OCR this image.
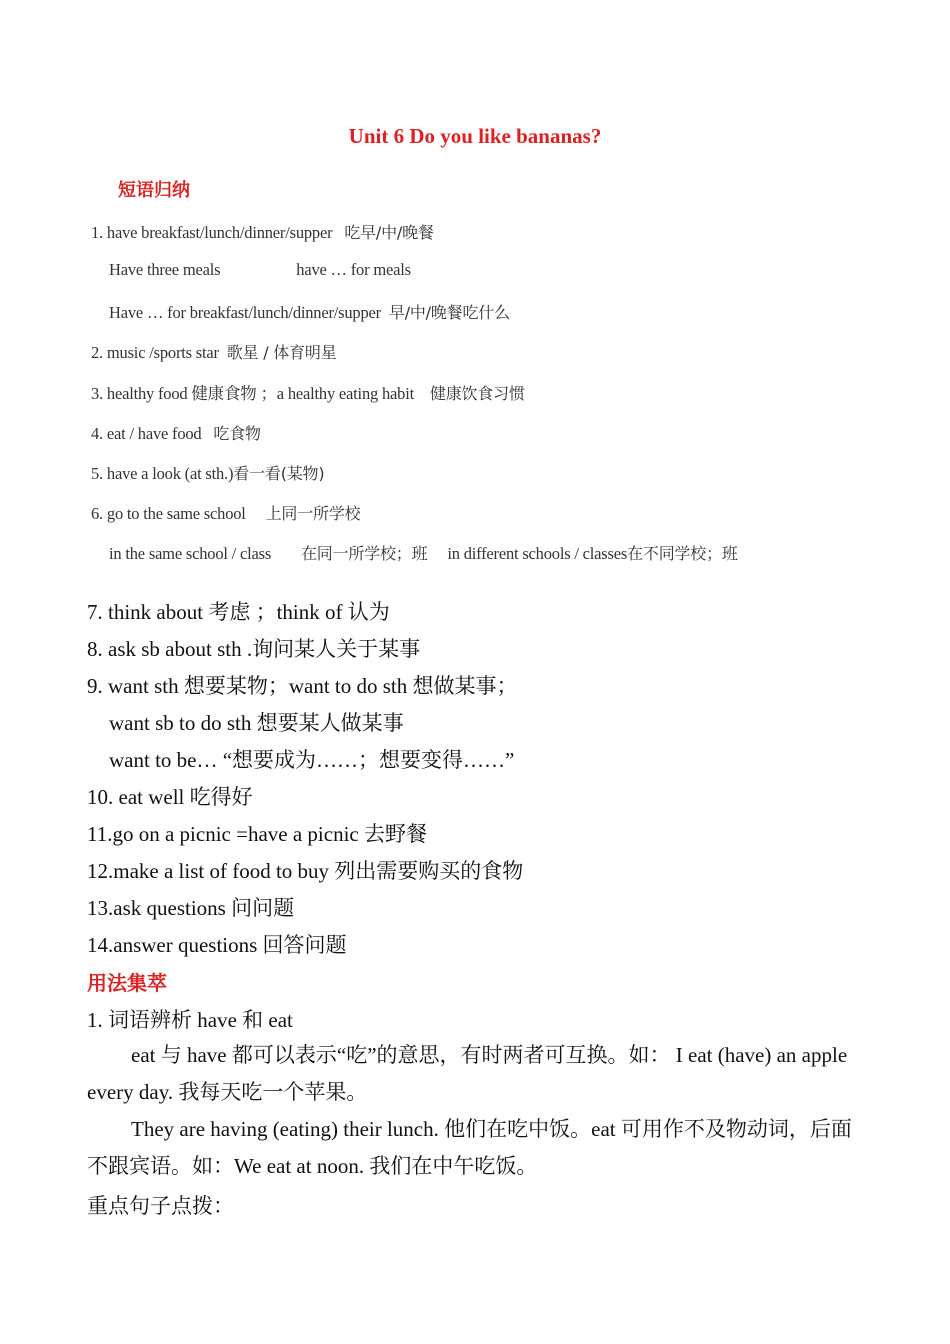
Unit 6 Do you like bananas?
短语归纳
1. have breakfast/lunch/dinner/supper 吃早/中/晚餐
Have three meals	have … for meals
Have … for breakfast/lunch/dinner/supper 早/中/晚餐吃什么
2. music /sports star 歌星 / 体育明星
3. healthy food 健康食物 ；a healthy eating habit 健康饮食习惯
4. eat / have food 吃食物
5. have a look (at sth.)看一看(某物)
6. go to the same school 上同一所学校
in the same school / class 在同一所学校；班 in different schools / classes在不同学校；班
7. think about 考虑 ；think of 认为
8. ask sb about sth .询问某人关于某事
9. want sth 想要某物；want to do sth 想做某事；
want sb to do sth 想要某人做某事
want to be… “想要成为……；想要变得……”
10. eat well 吃得好
11.go on a picnic =have a picnic 去野餐
12.make a list of food to buy 列出需要购买的食物
13.ask questions 问问题
14.answer questions 回答问题
用法集萃
1. 词语辨析 have 和 eat
eat 与 have 都可以表示“吃”的意思，有时两者可互换。如： I eat (have) an apple every day. 我每天吃一个苹果。
They are having (eating) their lunch. 他们在吃中饭。eat 可用作不及物动词，后面不跟宾语。如：We eat at noon. 我们在中午吃饭。
重点句子点拨：
